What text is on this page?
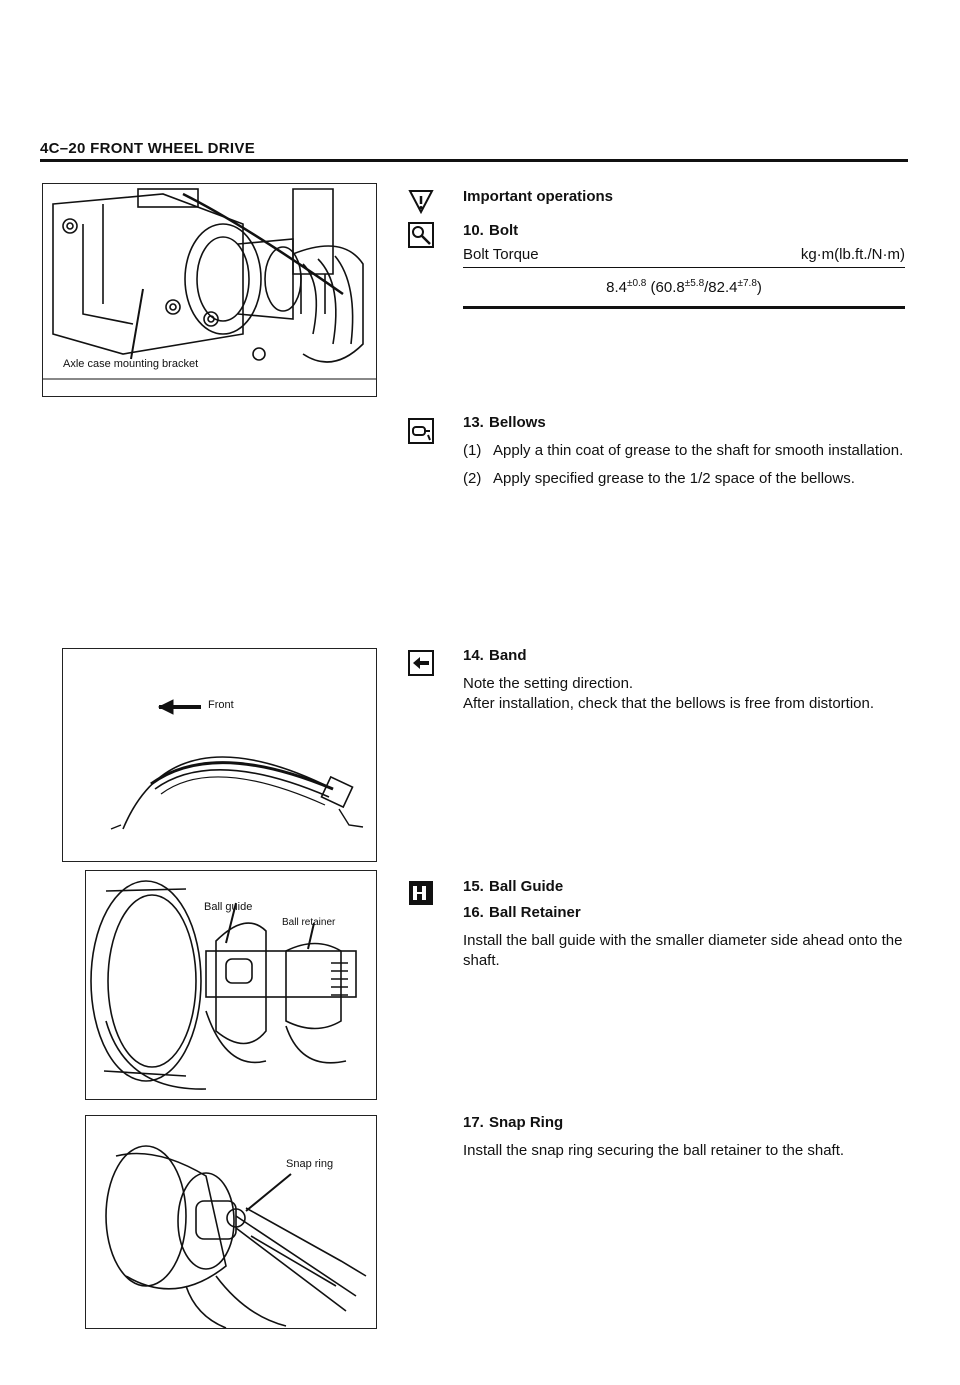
4C–20 FRONT WHEEL DRIVE
Axle case mounting bracket
Front
Ball guide
Ball retainer
Snap ring
Important operations
10. Bolt
Bolt Torque	kg·m(lb.ft./N·m)
$8.4^{\pm 0.8}$ $(60.8^{\pm 5.8}/82.4^{\pm 7.8})$
13. Bellows
(1) Apply a thin coat of grease to the shaft for smooth installation.
(2) Apply specified grease to the 1/2 space of the bellows.
14. Band
Note the setting direction.
After installation, check that the bellows is free from distortion.
15. Ball Guide
16. Ball Retainer
Install the ball guide with the smaller diameter side ahead onto the shaft.
17. Snap Ring
Install the snap ring securing the ball retainer to the shaft.
